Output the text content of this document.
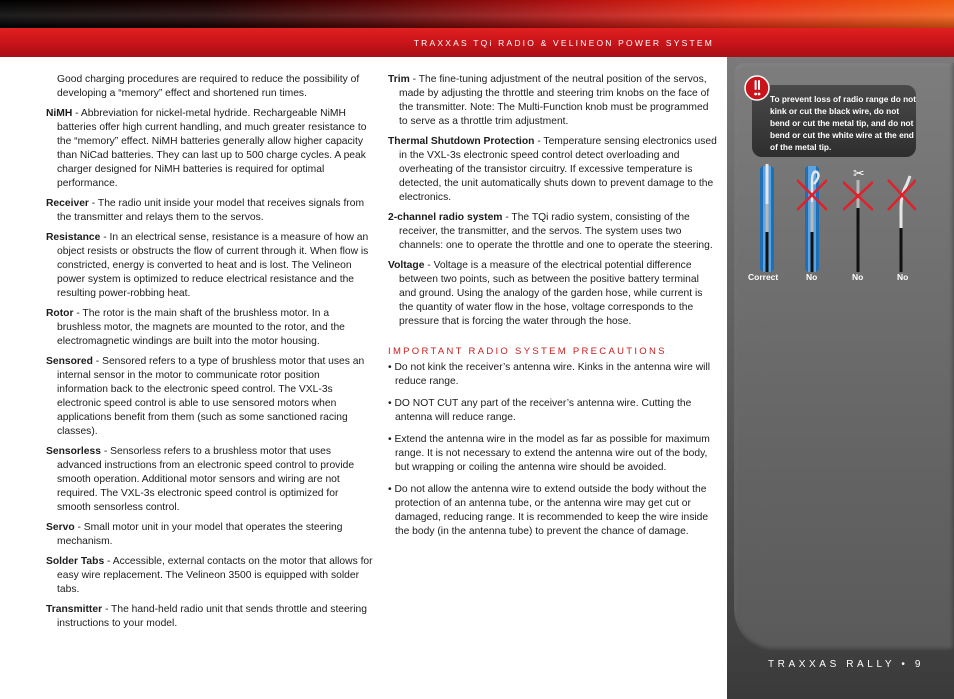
TRAXXAS TQi RADIO & VELINEON POWER SYSTEM

Good charging procedures are required to reduce the possibility of developing a “memory” effect and shortened run times.

NiMH - Abbreviation for nickel-metal hydride. Rechargeable NiMH batteries offer high current handling, and much greater resistance to the “memory” effect. NiMH batteries generally allow higher capacity than NiCad batteries. They can last up to 500 charge cycles. A peak charger designed for NiMH batteries is required for optimal performance.

Receiver - The radio unit inside your model that receives signals from the transmitter and relays them to the servos.

Resistance - In an electrical sense, resistance is a measure of how an object resists or obstructs the flow of current through it. When flow is constricted, energy is converted to heat and is lost. The Velineon power system is optimized to reduce electrical resistance and the resulting power-robbing heat.

Rotor - The rotor is the main shaft of the brushless motor. In a brushless motor, the magnets are mounted to the rotor, and the electromagnetic windings are built into the motor housing.

Sensored - Sensored refers to a type of brushless motor that uses an internal sensor in the motor to communicate rotor position information back to the electronic speed control. The VXL-3s electronic speed control is able to use sensored motors when applications benefit from them (such as some sanctioned racing classes).

Sensorless - Sensorless refers to a brushless motor that uses advanced instructions from an electronic speed control to provide smooth operation. Additional motor sensors and wiring are not required. The VXL-3s electronic speed control is optimized for smooth sensorless control.

Servo - Small motor unit in your model that operates the steering mechanism.

Solder Tabs - Accessible, external contacts on the motor that allows for easy wire replacement. The Velineon 3500 is equipped with solder tabs.

Transmitter - The hand-held radio unit that sends throttle and steering instructions to your model.

Trim - The fine-tuning adjustment of the neutral position of the servos, made by adjusting the throttle and steering trim knobs on the face of the transmitter. Note: The Multi-Function knob must be programmed to serve as a throttle trim adjustment.

Thermal Shutdown Protection - Temperature sensing electronics used in the VXL-3s electronic speed control detect overloading and overheating of the transistor circuitry. If excessive temperature is detected, the unit automatically shuts down to prevent damage to the electronics.

2-channel radio system - The TQi radio system, consisting of the receiver, the transmitter, and the servos. The system uses two channels: one to operate the throttle and one to operate the steering.

Voltage - Voltage is a measure of the electrical potential difference between two points, such as between the positive battery terminal and ground. Using the analogy of the garden hose, while current is the quantity of water flow in the hose, voltage corresponds to the pressure that is forcing the water through the hose.

IMPORTANT RADIO SYSTEM PRECAUTIONS

• Do not kink the receiver’s antenna wire. Kinks in the antenna wire will reduce range.

• DO NOT CUT any part of the receiver’s antenna wire. Cutting the antenna will reduce range.

• Extend the antenna wire in the model as far as possible for maximum range. It is not necessary to extend the antenna wire out of the body, but wrapping or coiling the antenna wire should be avoided.

• Do not allow the antenna wire to extend outside the body without the protection of an antenna tube, or the antenna wire may get cut or damaged, reducing range. It is recommended to keep the wire inside the body (in the antenna tube) to prevent the chance of damage.

To prevent loss of radio range do not kink or cut the black wire, do not bend or cut the metal tip, and do not bend or cut the white wire at the end of the metal tip.
✂
Correct	No	No	No
TRAXXAS RALLY • 9
